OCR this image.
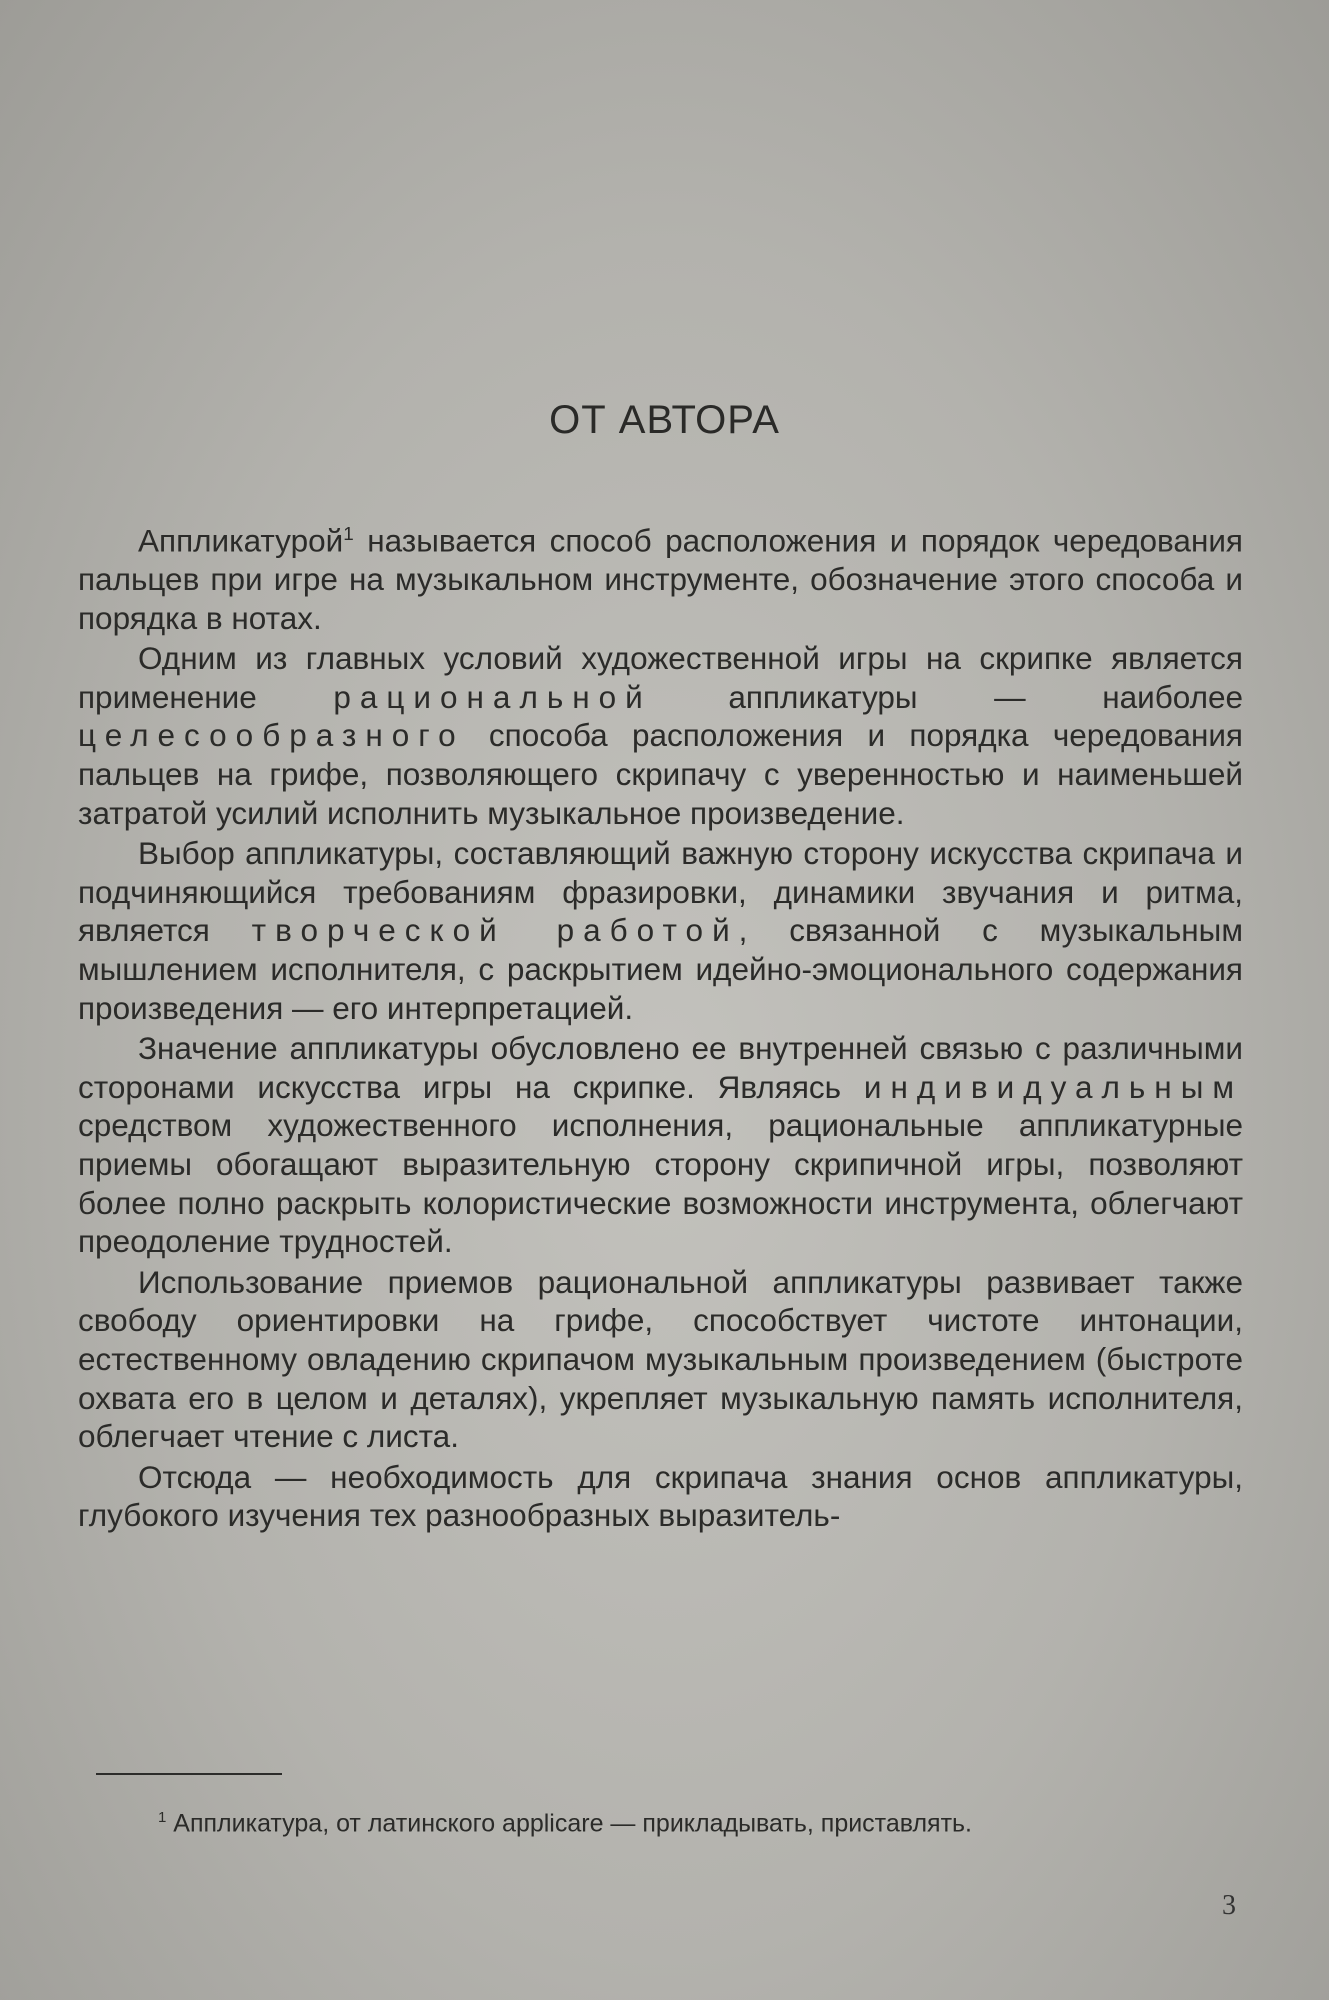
ОТ АВТОРА

Аппликатурой$^1$ называется способ расположения и порядок чередования пальцев при игре на музыкальном инструменте, обозначение этого способа и порядка в нотах.

Одним из главных условий художественной игры на скрипке является применение рациональной аппликатуры — наиболее целесообразного способа расположения и порядка чередования пальцев на грифе, позволяющего скрипачу с уверенностью и наименьшей затратой усилий исполнить музыкальное произведение.

Выбор аппликатуры, составляющий важную сторону искусства скрипача и подчиняющийся требованиям фразировки, динамики звучания и ритма, является творческой работой, связанной с музыкальным мышлением исполнителя, с раскрытием идейно-эмоционального содержания произведения — его интерпретацией.

Значение аппликатуры обусловлено ее внутренней связью с различными сторонами искусства игры на скрипке. Являясь индивидуальным средством художественного исполнения, рациональные аппликатурные приемы обогащают выразительную сторону скрипичной игры, позволяют более полно раскрыть колористические возможности инструмента, облегчают преодоление трудностей.

Использование приемов рациональной аппликатуры развивает также свободу ориентировки на грифе, способствует чистоте интонации, естественному овладению скрипачом музыкальным произведением (быстроте охвата его в целом и деталях), укрепляет музыкальную память исполнителя, облегчает чтение с листа.

Отсюда — необходимость для скрипача знания основ аппликатуры, глубокого изучения тех разнообразных выразитель-

$^1$ Аппликатура, от латинского applicare — прикладывать, приставлять.
3
